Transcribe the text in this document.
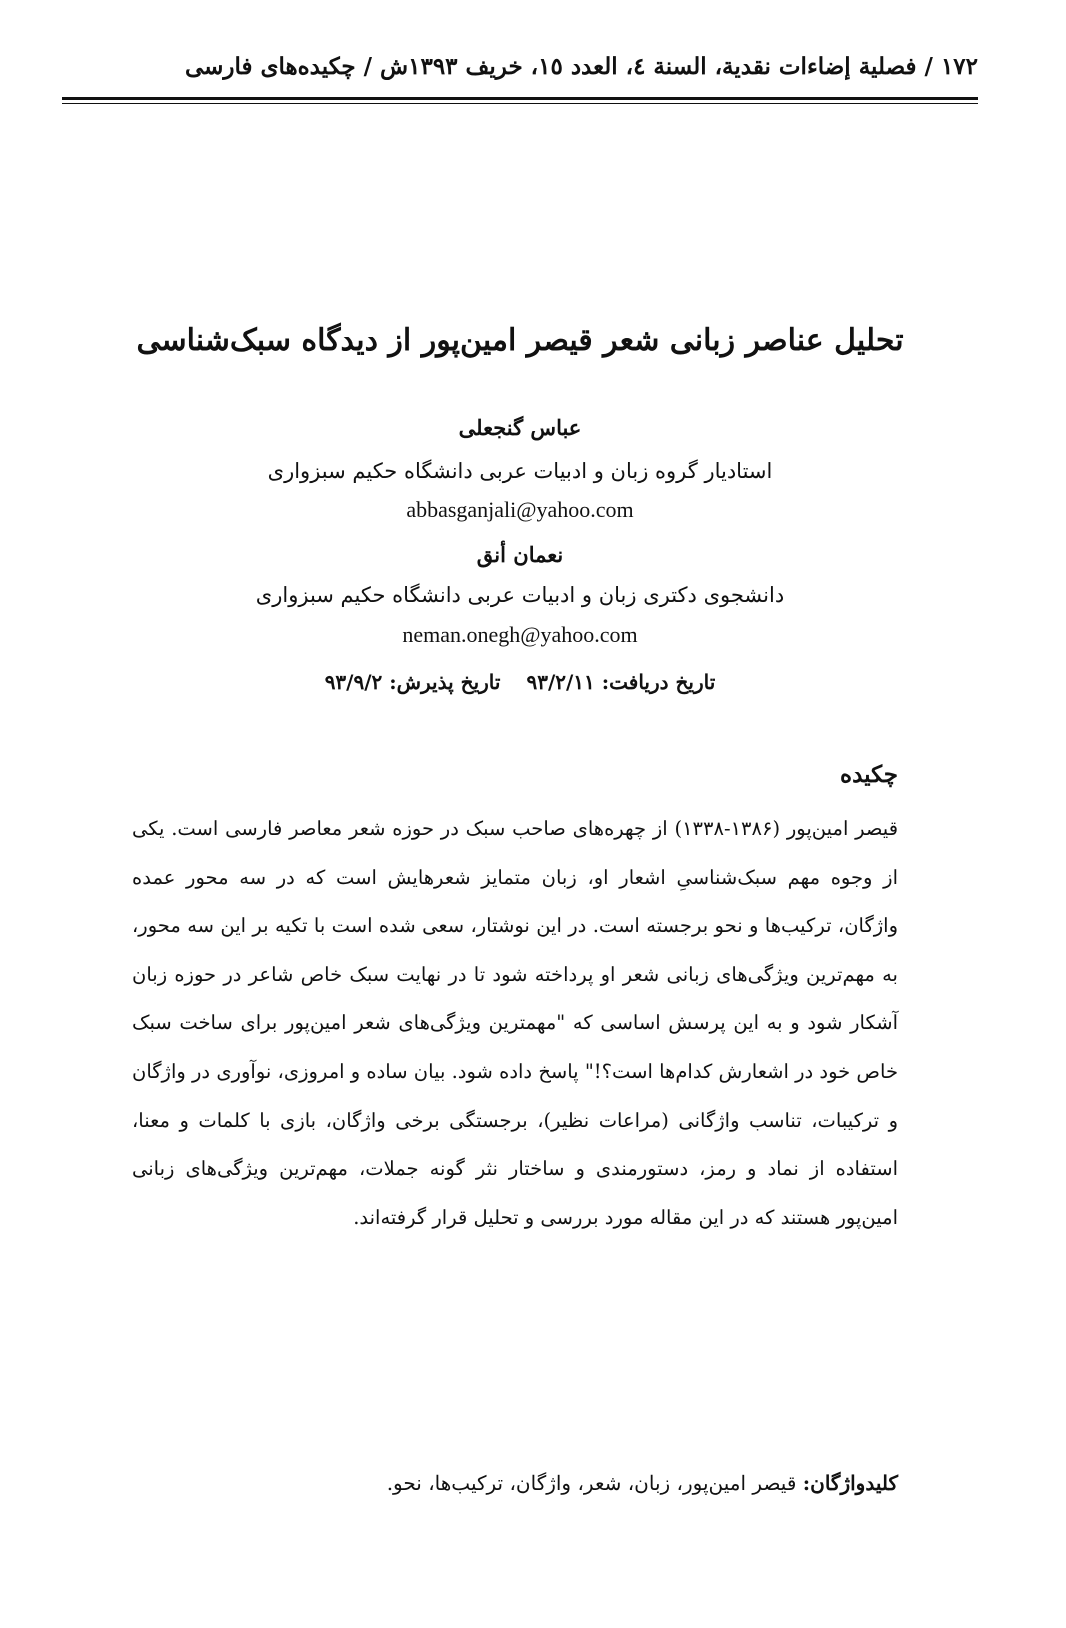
۱۷۲ / فصلية إضاءات نقدية، السنة ٤، العدد ١٥، خريف ۱۳۹۳ش / چکیده‌های فارسی
تحلیل عناصر زبانی شعر قیصر امین‌پور از دیدگاه سبک‌شناسی
عباس گنجعلی
استادیار گروه زبان و ادبیات عربی دانشگاه حکیم سبزواری
abbasganjali@yahoo.com
نعمان أنق
دانشجوی دکتری زبان و ادبیات عربی دانشگاه حکیم سبزواری
neman.onegh@yahoo.com
تاریخ دریافت: ۹۳/۲/۱۱تاریخ پذیرش: ۹۳/۹/۲
چکیده
قیصر امین‌پور (۱۳۸۶-۱۳۳۸) از چهره‌های صاحب سبک در حوزه شعر معاصر فارسی است. یکی از وجوه مهم سبک‌شناسیِ اشعار او، زبان متمایز شعرهایش است که در سه محور عمده واژگان، ترکیب‌ها و نحو برجسته است. در این نوشتار، سعی شده است با تکیه بر این سه محور، به مهم‌ترین ویژگی‌های زبانی شعر او پرداخته شود تا در نهایت سبک خاص شاعر در حوزه زبان آشکار شود و به این پرسش اساسی که "مهمترین ویژگی‌های شعر امین‌پور برای ساخت سبک خاص خود در اشعارش کدام‌ها است؟!" پاسخ داده شود. بیان ساده و امروزی، نوآوری در واژگان و ترکیبات، تناسب واژگانی (مراعات نظیر)، برجستگی برخی واژگان، بازی با کلمات و معنا، استفاده از نماد و رمز، دستورمندی و ساختار نثر گونه جملات، مهم‌ترین ویژگی‌های زبانی امین‌پور هستند که در این مقاله مورد بررسی و تحلیل قرار گرفته‌اند.
کلیدواژگان: قیصر امین‌پور، زبان، شعر، واژگان، ترکیب‌ها، نحو.
